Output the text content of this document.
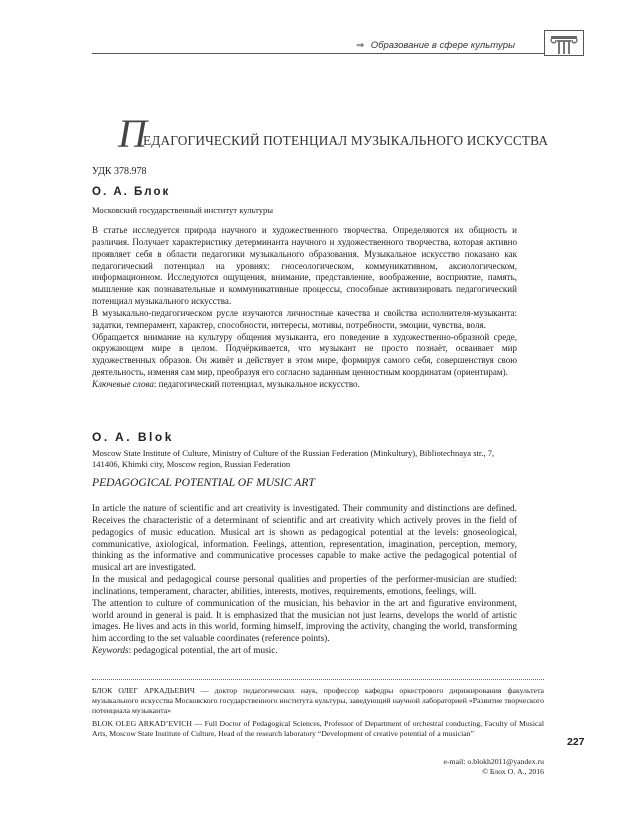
⇒ Образование в сфере культуры
П
ЕДАГОГИЧЕСКИЙ ПОТЕНЦИАЛ МУЗЫКАЛЬНОГО ИСКУССТВА
УДК 378.978
О. А. Блок
Московский государственный институт культуры

В статье исследуется природа научного и художественного творчества. Определяются их общность и различия. Получает характеристику детерминанта научного и художественного творчества, которая активно проявляет себя в области педагогики музыкального образования. Музыкальное искусство показано как педагогический потенциал на уровнях: гносеологическом, коммуникативном, аксиологическом, информационном. Исследуются ощущения, внимание, представление, воображение, восприятие, память, мышление как познавательные и коммуникативные процессы, способные активизировать педагогический потенциал музыкального искусства.

В музыкально-педагогическом русле изучаются личностные качества и свойства исполнителя-музыканта: задатки, темперамент, характер, способности, интересы, мотивы, потребности, эмоции, чувства, воля.

Обращается внимание на культуру общения музыканта, его поведение в художественно-образной среде, окружающем мире в целом. Подчёркивается, что музыкант не просто познаёт, осваивает мир художественных образов. Он живёт и действует в этом мире, формируя самого себя, совершенствуя свою деятельность, изменяя сам мир, преобразуя его согласно заданным ценностным координатам (ориентирам).

Ключевые слова: педагогический потенциал, музыкальное искусство.

O. A. Blok
Moscow State Institute of Culture, Ministry of Culture of the Russian Federation (Minkultury), Bibliotechnaya str., 7, 141406, Khimki city, Moscow region, Russian Federation
PEDAGOGICAL POTENTIAL OF MUSIC ART

In article the nature of scientific and art creativity is investigated. Their community and distinctions are defined. Receives the characteristic of a determinant of scientific and art creativity which actively proves in the field of pedagogics of music education. Musical art is shown as pedagogical potential at the levels: gnoseological, communicative, axiological, information. Feelings, attention, representation, imagination, perception, memory, thinking as the informative and communicative processes capable to make active the pedagogical potential of musical art are investigated.

In the musical and pedagogical course personal qualities and properties of the performer-musician are studied: inclinations, temperament, character, abilities, interests, motives, requirements, emotions, feelings, will.

The attention to culture of communication of the musician, his behavior in the art and figurative environment, world around in general is paid. It is emphasized that the musician not just learns, develops the world of artistic images. He lives and acts in this world, forming himself, improving the activity, changing the world, transforming him according to the set valuable coordinates (reference points).

Keywords: pedagogical potential, the art of music.

БЛОК ОЛЕГ АРКАДЬЕВИЧ — доктор педагогических наук, профессор кафедры оркестрового дирижирования факультета музыкального искусства Московского государственного института культуры, заведующий научной лабораторией «Развитие творческого потенциала музыканта»

BLOK OLEG ARKAD’EVICH — Full Doctor of Pedagogical Sciences, Professor of Department of orchestral conducting, Faculty of Musical Arts, Moscow State Institute of Culture, Head of the research laboratory “Development of creative potential of a musician”

e-mail: o.blokh2011@yandex.ru
© Блох О. А., 2016
227
